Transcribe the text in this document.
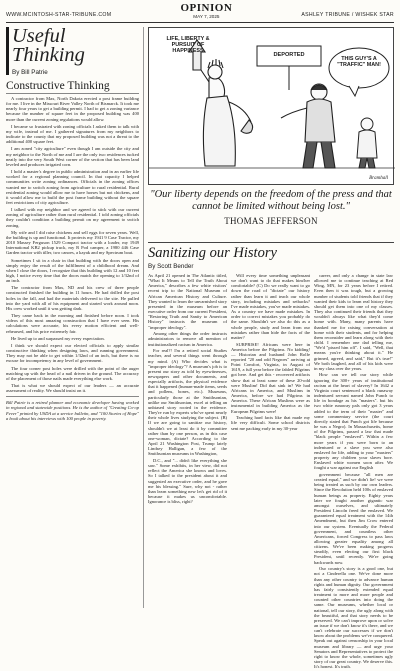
WWW.MCINTOSH-STAR-TRIBUNE.COM
OPINION
MAY 7, 2025	ASHLEY TRIBUNE / WISHEK STAR
Useful
Thinking
By Bill Patrie
Constructive Thinking

A contractor from Max, North Dakota erected a post frame building for me. I live in the Missouri River Valley North of Bismarck. It took me nearly four years to get a building permit. I had to get a zoning variance because the number of square feet in the proposed building was 400 more than the current zoning regulations would allow.

I became so frustrated with zoning officials I asked them to talk with my wife, instead of me. I gathered signatures from my neighbors to indicate to the county that my proposed building was not a threat to the additional 400 square feet.

I am zoned "city agriculture" even though I am outside the city and my neighbor to the North of me and I are the only two residences tucked neatly into the very South West corner of the section that has been land leveled and produces irrigated corn.

I hold a master's degree in public administration and in an earlier life worked for a regional planning council. In that capacity I helped communities write zoning ordinances. Officials in the zoning offices wanted me to switch zoning from agriculture to rural residential. Rural residential zoning would allow me to have horses but not chickens, and it would allow me to build the post frame building without the square feet restrictions of city agriculture.

I talked with my neighbor and we agreed to stick with our current zoning of agriculture rather than rural residential. I told zoning officials they couldn't condition a building permit on my agreement to switch zoning.

My wife and I did raise chickens and sell eggs for seven years. Well, the building is up and functional. It protects my 1941 9 Case Tractor, my 2010 Massey Ferguson 1529 Compact tractor with a loader, my 1949 International KB2 pickup truck, my R Pod camper, a 1980 446 Case Garden tractor with tiller, two canoes, a kayak and my Spectrum boat.

Sometimes I sit in a chair in that building with the doors open and simply enjoy the result of the fulfillment of a childhood dream. And when I close the doors, I recognize that this building with 12 and 10 feet high, I notice every time that the doors match the opening to 1/32nd of an inch.

The contractor from Max, ND and his crew of three people constructed finished the building in 11 hours. He had drilled the post holes in the fall, and had the materials delivered to the site. He pulled into the yard with all of his equipment and started work around noon. His crew worked until it was getting dark.

They came back in the morning and finished before noon. I took videos of this most amazing construction that I have ever seen. His calculations were accurate, his every motion efficient and well-rehearsed, and his price extremely fair.

He lived up to and surpassed my every expectation.

I think we should expect our elected officials to apply similar constructive thinking when designing laws, and running government. They may not be able to get within 1/32nd of an inch, but there is no excuse for incompetency in any level of government.

The four corner post holes were drilled with the point of the auger matching up with the head of a nail driven in the ground. The accuracy of the placement of those nails made everything else work.

That is what we should expect of our leaders — an accurate assessment of reality. We should insist on it.

Bill Patrie is a retired planner and economic developer having worked in regional and statewide positions. He is the author of "Creating Co-op Fever" printed by USDA at a service bulletin, and "100 Stories of Hope" a book about his interviews with 100 people in poverty.

LIFE, LIBERTY & PURSUIT OF HAPPINESS
DEPORTED
THIS GUY'S A "TRAFFIC" MAN!
Bramhall
"Our liberty depends on the freedom of the press and that cannot be limited without being lost."
THOMAS JEFFERSON
Sanitizing our History
By Scott Bender

As April 21 opened in The Atlantic titled, "What It Means to Tell the Truth About America," describes a few white visitors' recent trip to the National Museum of African American History and Culture. They wanted to learn the unvarnished story presented in the museum before an executive order from our current President, "Restoring Truth and Sanity to American History" instructs the museum of "improper ideology".

Among other things the order instructs administrators to remove all mention of institutionalized racism in America.

For real?! I'm a retired social Studies teacher, and several things went through my mind. (A) Who decides what is "improper ideology"? A museum's job is to present our story as told by eyewitnesses, newspapers and other documents, and especially artifacts, the physical evidence that it happened (human-made items, seeds and pollens, bones, etc.). Museums, particularly those at the Smithsonian, unlike our Smithsonian, excel at telling an unbiased story rooted in the evidence. They're run by experts who've spent nearly their whole lives studying the subject. (B) If we are going to sanitize our history, shouldn't we at least do it by committee rather than by one person, as in this case one-woman, dictate? According to the April 21 Washington Post, Trump lately Lindsey Halligan, a few of the Smithsonian museums in Washington,

D.C., and "... didn't like everything she saw." Some exhibits, in her view, did not reflect the America she knows and loves. So I talked to the president about it and suggested an executive order, and he gave me his blessing." Sure, why not - rather than learn something new let's get rid of it because it makes us uncomfortable. Ignorance is bliss, right?

Will every time something unpleasant we don't want to do that makes him/her comfortable? (C) Do we really want to go down the road of "dictate" our history rather than learn it and teach our whole story, including mistakes and setbacks? I've made mistakes, you've made mistakes. As a country we have made mistakes. In order to correct mistakes you probably do the same. Shouldn't we also do this as a whole people, study and learn from our mistakes rather than hide the facts of the matter?

SURPRISE! Africans were here in America before the Pilgrims. No kidding! — Historian and husband John Rolfe reported "20 and odd Negroes" arriving at Point Comfort, Virginia, in August of 1619, a full year before the fabled Pilgrims got here. And get this - recovered artifacts show that at least some of these 20-odd were Muslim! Did that sink in? We had Africans in America, and Muslims in America, before we had Pilgrims in America. These African Muslims were as instrumental in building America as the European Pilgrims were!

Teaching hard facts like that made my life very difficult. Some school districts sent me packing early in my 30-year

career, and only a change in state law allowed me to continue teaching at Red Wing, MN, for 23 years before I retired. Even then it was tough, but a growing number of students told friends that if they wanted their kids to learn real history they should get them into one of my classes. They also continued their friends that they wouldn't always like what they'd come home with. Many, many parents have thanked me for raising conversation at home with their students, and for helping them reconsider and learn along with their child. I remember one dad telling me, "We'd "pissed him off". I said, "Well, that means you're thinking about it." He grinned, agreed, and said," But it's true!" We both laughed, and all of his kids were in my class over the years.

How can we tell our story while ignoring the 300+ years of institutional racism at the heart of slavery? In 1642 a Virginia court sentenced a black runaway indentured servant named John Punch to life in bondage as his "masters". but his two white runaway pals only got 3 years added to the term of their "master" and some commentary service (the court directly stated that Punch got life because he was a Negro). In Massachusetts, home of the Pilgrims, passed a law that made "black people "enslaved". Within a few more years if you were born to an indentured or a slave you were also enslaved for life, adding to your "masters" property any children your slaves bore. Enslaved white women soon after. We fought a war against our English

government because "all men are created equal," and we didn't lie! we were being treated as such by our own leaders. Since the Revolution held 100s of enslaved human beings as property. Eighty years later we fought another gigantic war amongst ourselves, and ultimately President Lincoln freed the enslaved. We guaranteed equal treatment with the 14th Amendment, but then Jim Crow entered into our system. Eventually the Federal government, and countless other Americans, forced Congress to pass laws allowing greater equality among all citizens. We've been making progress steadily, even electing our first black President, until recently. We're going backwards now.

Our country's story is a good one, but not a Cinderella one. We've done more than any other country to advance human rights and human dignity. Our government has fairly consistently extended equal treatment to more and more people and counted other countries into doing the same. Our museums, whether local or national, tell our story, the ugly along with the beautiful, and that story needs to be preserved. We can't improve upon or solve an issue if we don't know it's there, and we can't celebrate our successes if we don't know about the problems we've conquered. Speak out against censorship in your local museum and library — and urge your Senators and Representatives to protect the right to know the whole, sometimes ugly story of our great country. We deserve this. It's honest. It's truth.
